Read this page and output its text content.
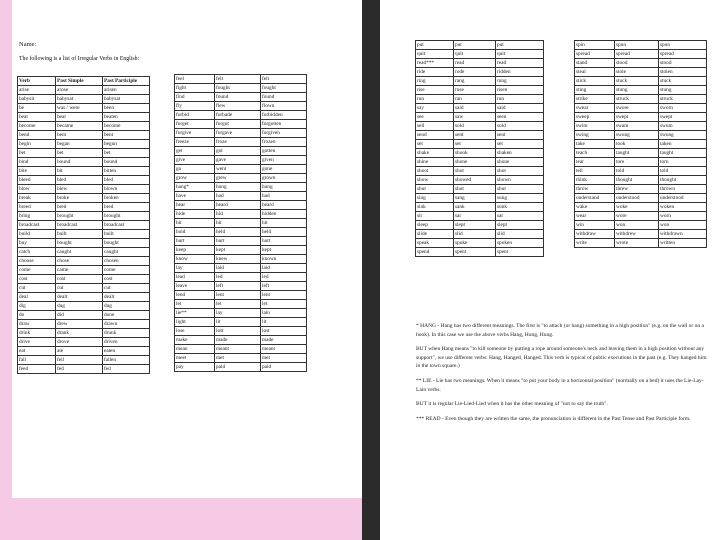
Name:
The following is a list of Irregular Verbs in English:
Verb	Past Simple	Past Participle
arise	arose	arisen
babysit	babysat	babysat
be	was / were	been
beat	beat	beaten
become	became	become
bend	bent	bent
begin	began	begun
bet	bet	bet
bind	bound	bound
bite	bit	bitten
bleed	bled	bled
blow	blew	blown
break	broke	broken
breed	bred	bred
bring	brought	brought
broadcast	broadcast	broadcast
build	built	built
buy	bought	bought
catch	caught	caught
choose	chose	chosen
come	came	come
cost	cost	cost
cut	cut	cut
deal	dealt	dealt
dig	dug	dug
do	did	done
draw	drew	drawn
drink	drank	drunk
drive	drove	driven
eat	ate	eaten
fall	fell	fallen
feed	fed	fed
feel	felt	felt
fight	fought	fought
find	found	found
fly	flew	flown
forbid	forbade	forbidden
forget	forgot	forgotten
forgive	forgave	forgiven
freeze	froze	frozen
get	got	gotten
give	gave	given
go	went	gone
grow	grew	grown
hang*	hung	hung
have	had	had
hear	heard	heard
hide	hid	hidden
hit	hit	hit
hold	held	held
hurt	hurt	hurt
keep	kept	kept
know	knew	known
lay	laid	laid
lead	led	led
leave	left	left
lend	lent	lent
let	let	let
lie**	lay	lain
light	lit	lit
lose	lost	lost
make	made	made
mean	meant	meant
meet	met	met
pay	paid	paid
put	put	put
quit	quit	quit
read***	read	read
ride	rode	ridden
ring	rang	rung
rise	rose	risen
run	ran	run
say	said	said
see	saw	seen
sell	sold	sold
send	sent	sent
set	set	set
shake	shook	shaken
shine	shone	shone
shoot	shot	shot
show	showed	shown
shut	shut	shut
sing	sang	sung
sink	sank	sunk
sit	sat	sat
sleep	slept	slept
slide	slid	slid
speak	spoke	spoken
spend	spent	spent
spin	spun	spun
spread	spread	spread
stand	stood	stood
steal	stole	stolen
stick	stuck	stuck
sting	stung	stung
strike	struck	struck
swear	swore	sworn
sweep	swept	swept
swim	swam	swum
swing	swung	swung
take	took	taken
teach	taught	taught
tear	tore	torn
tell	told	told
think	thought	thought
throw	threw	thrown
understand	understood	understood
wake	woke	woken
wear	wore	worn
win	won	won
withdraw	withdrew	withdrawn
write	wrote	written

* HANG - Hang has two different meanings. The first is "to attach (or hang) something in a high position" (e.g. on the wall or on a hook). In this case we use the above verbs Hang, Hung, Hung.

BUT when Hang means "to kill someone by putting a rope around someone's neck and leaving them in a high position without any support", we use different verbs: Hang, Hanged, Hanged. This verb is typical of public executions in the past (e.g. They hanged him in the town square.)

** LIE - Lie has two meanings. When it means "to put your body in a horizontal position" (normally on a bed) it uses the Lie-Lay-Lain verbs.

BUT it is regular Lie-Lied-Lied when it has the other meaning of "not to say the truth".

*** READ - Even though they are written the same, the pronunciation is different in the Past Tense and Past Participle form.
